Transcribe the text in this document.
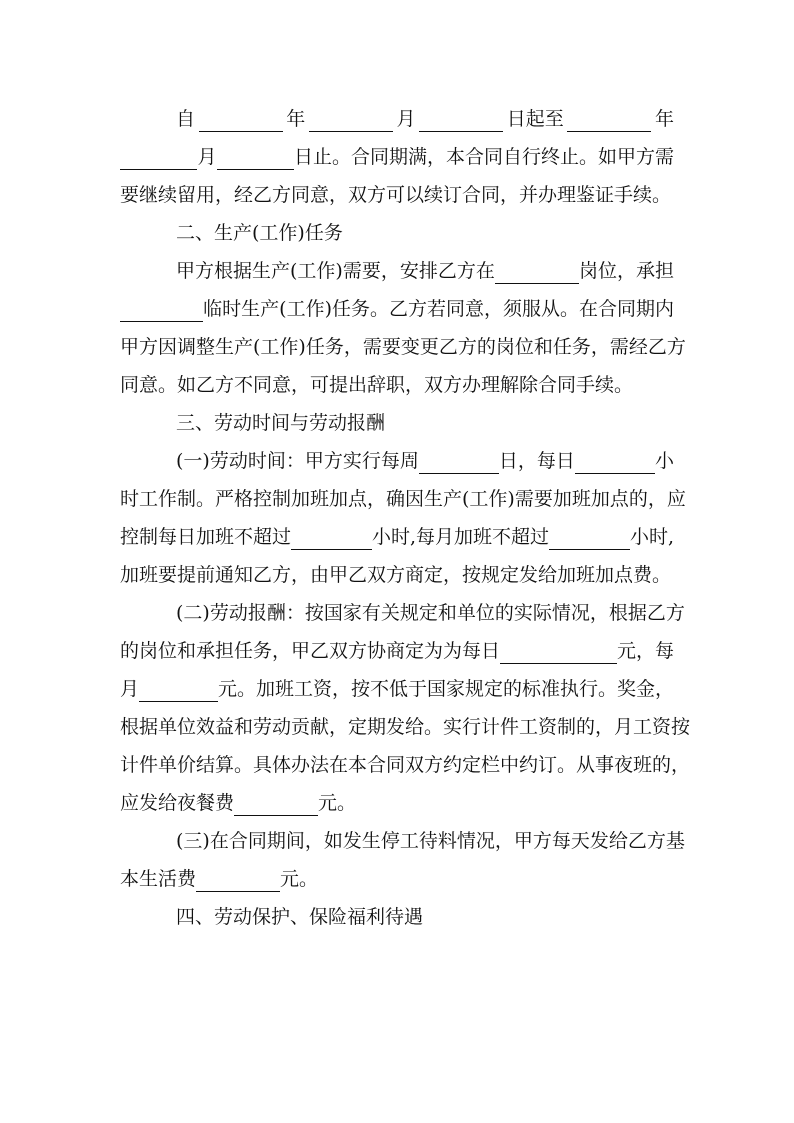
自	年	月	日起至	年
月	日止。合同期满，本合同自行终止。如甲方需
要继续留用，经乙方同意，双方可以续订合同，并办理鉴证手续。
二、生产(工作)任务
甲方根据生产(工作)需要，安排乙方在	岗位，承担
临时生产(工作)任务。乙方若同意，须服从。在合同期内
甲方因调整生产(工作)任务，需要变更乙方的岗位和任务，需经乙方
同意。如乙方不同意，可提出辞职，双方办理解除合同手续。
三、劳动时间与劳动报酬
(一)劳动时间：甲方实行每周	日，每日	小
时工作制。严格控制加班加点，确因生产(工作)需要加班加点的，应
控制每日加班不超过	小时,每月加班不超过	小时,
加班要提前通知乙方，由甲乙双方商定，按规定发给加班加点费。
(二)劳动报酬：按国家有关规定和单位的实际情况，根据乙方
的岗位和承担任务，甲乙双方协商定为为每日	元，每
月	元。加班工资，按不低于国家规定的标准执行。奖金，
根据单位效益和劳动贡献，定期发给。实行计件工资制的，月工资按
计件单价结算。具体办法在本合同双方约定栏中约订。从事夜班的，
应发给夜餐费	元。
(三)在合同期间，如发生停工待料情况，甲方每天发给乙方基
本生活费	元。
四、劳动保护、保险福利待遇
